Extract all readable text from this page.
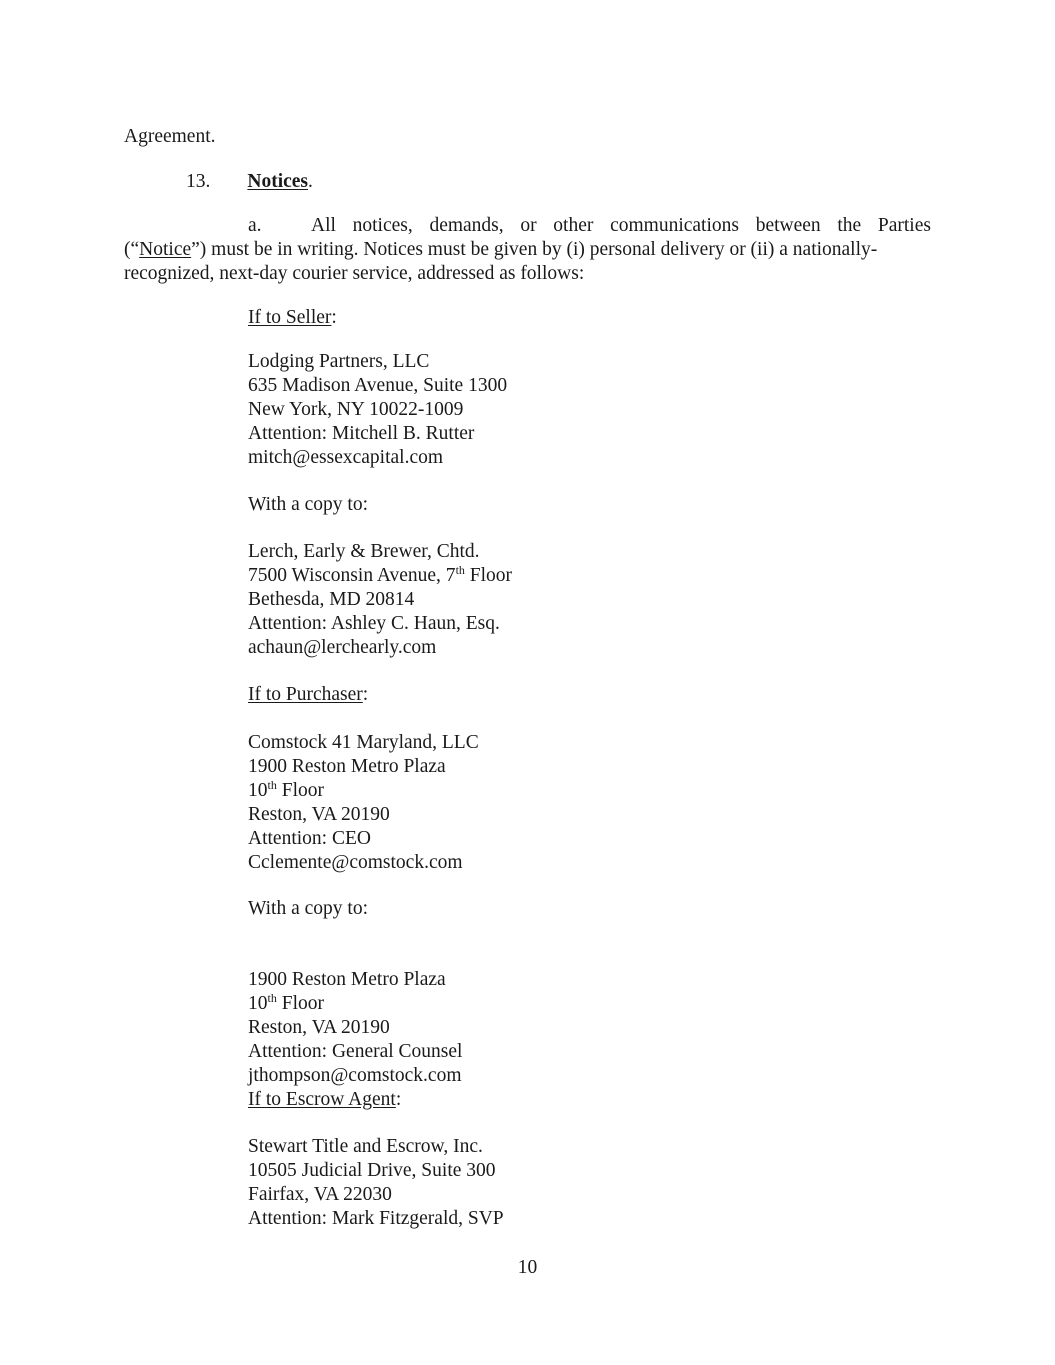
Agreement.
13. Notices.
a.	All notices, demands, or other communications between the Parties
(“Notice”) must be in writing. Notices must be given by (i) personal delivery or (ii) a nationally-
recognized, next-day courier service, addressed as follows:
If to Seller:
Lodging Partners, LLC
635 Madison Avenue, Suite 1300
New York, NY 10022-1009
Attention: Mitchell B. Rutter
mitch@essexcapital.com
With a copy to:
Lerch, Early & Brewer, Chtd.
7500 Wisconsin Avenue, 7th Floor
Bethesda, MD 20814
Attention: Ashley C. Haun, Esq.
achaun@lerchearly.com
If to Purchaser:
Comstock 41 Maryland, LLC
1900 Reston Metro Plaza
10th Floor
Reston, VA 20190
Attention: CEO
Cclemente@comstock.com
With a copy to:
1900 Reston Metro Plaza
10th Floor
Reston, VA 20190
Attention: General Counsel
jthompson@comstock.com
If to Escrow Agent:
Stewart Title and Escrow, Inc.
10505 Judicial Drive, Suite 300
Fairfax, VA 22030
Attention: Mark Fitzgerald, SVP
10
